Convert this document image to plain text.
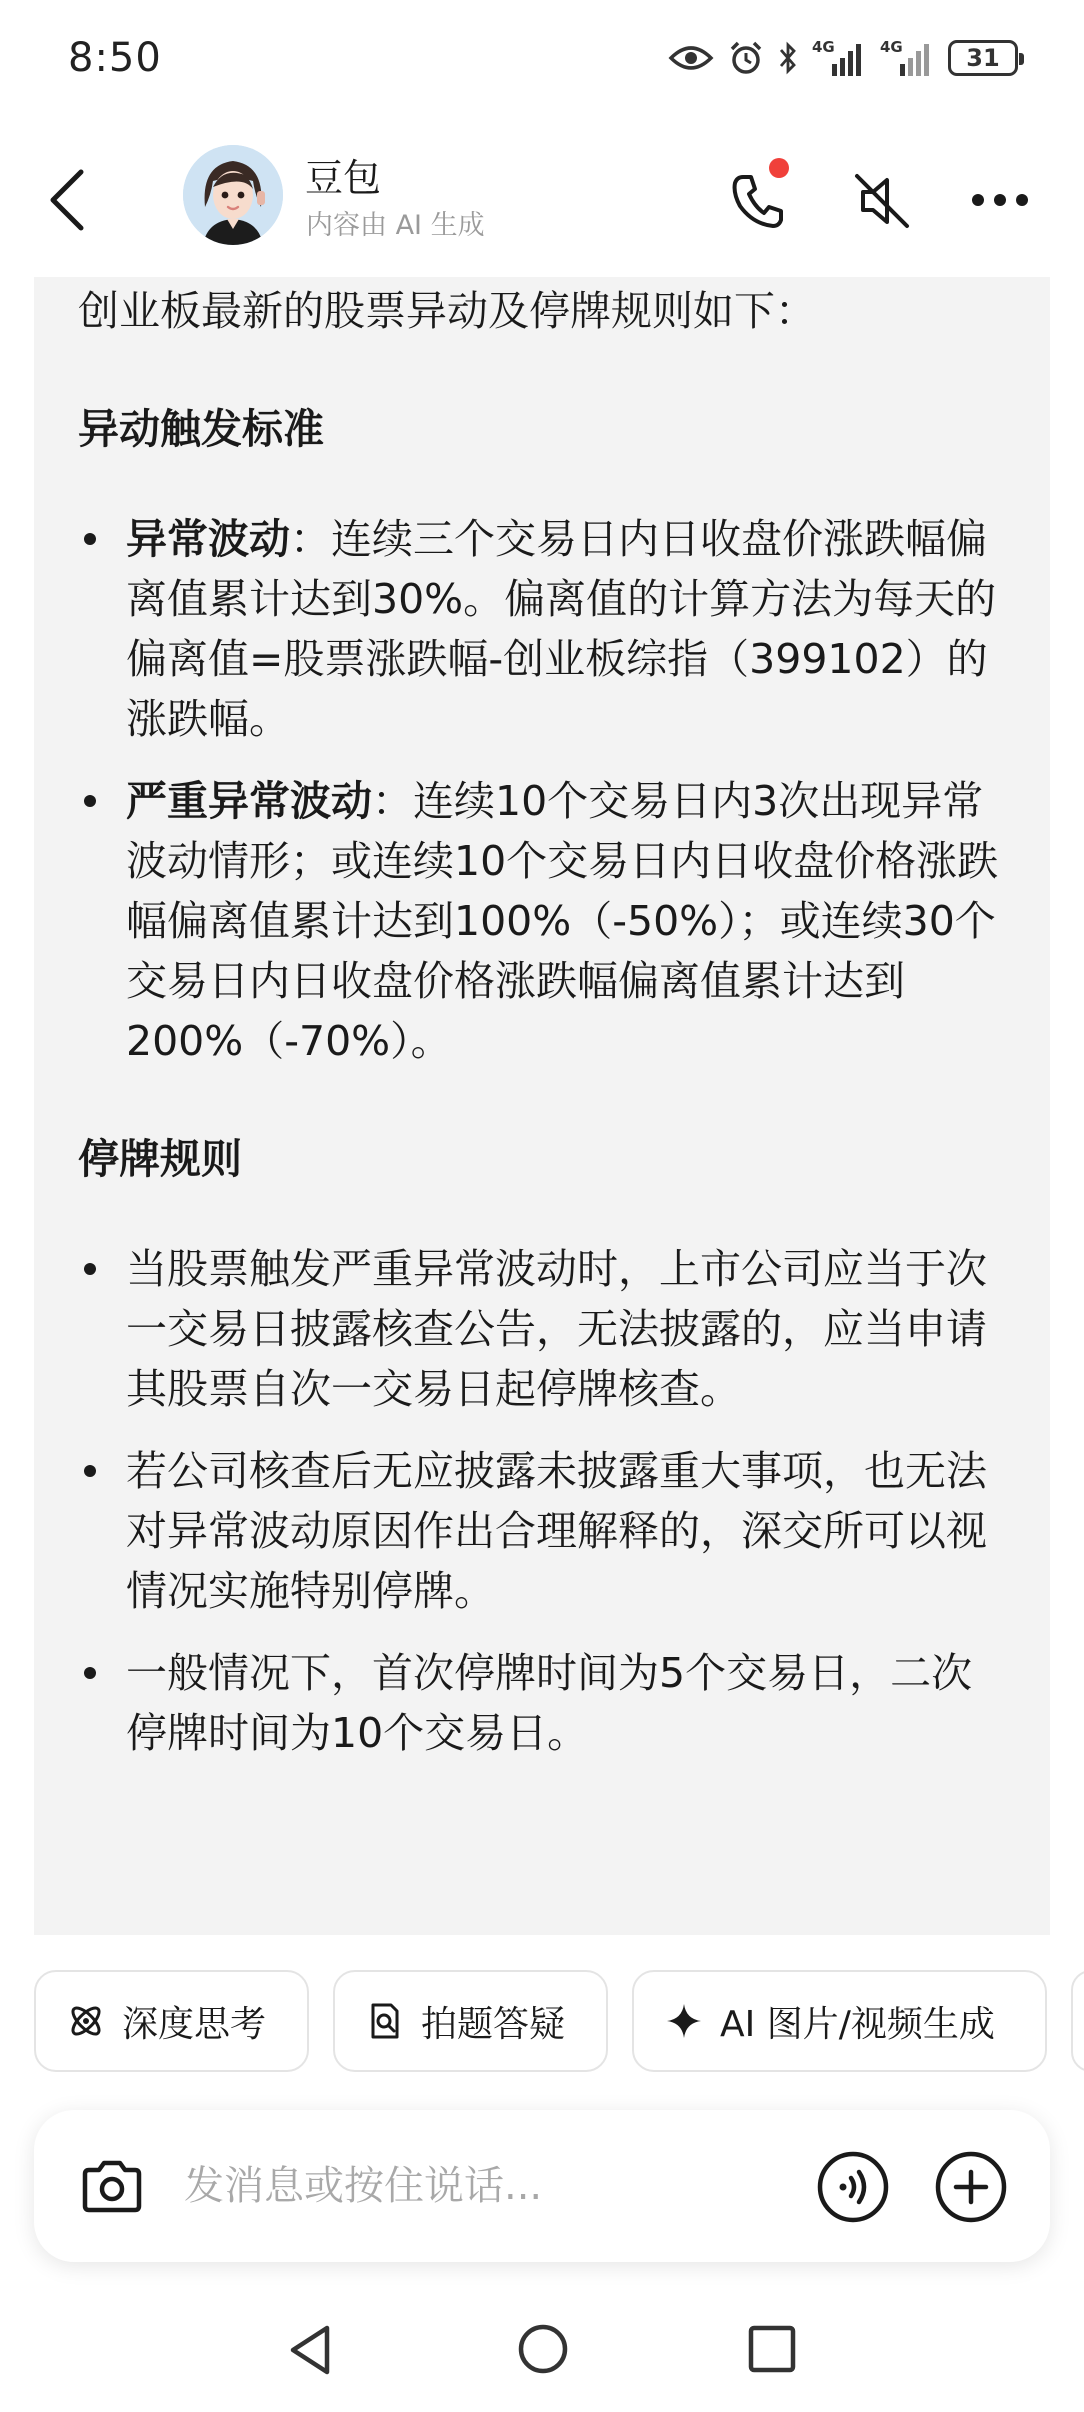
8:50	4G	4G	31
豆包
内容由 AI 生成

创业板最新的股票异动及停牌规则如下：

异动触发标准

异常波动：连续三个交易日内日收盘价涨跌幅偏离值累计达到30%。偏离值的计算方法为每天的偏离值=股票涨跌幅-创业板综指（399102）的涨跌幅。
严重异常波动：连续10个交易日内3次出现异常波动情形；或连续10个交易日内日收盘价格涨跌幅偏离值累计达到100%（-50%）；或连续30个交易日内日收盘价格涨跌幅偏离值累计达到200%（-70%）。

停牌规则

当股票触发严重异常波动时，上市公司应当于次一交易日披露核查公告，无法披露的，应当申请其股票自次一交易日起停牌核查。
若公司核查后无应披露未披露重大事项，也无法对异常波动原因作出合理解释的，深交所可以视情况实施特别停牌。
一般情况下，首次停牌时间为5个交易日，二次停牌时间为10个交易日。
深度思考	拍题答疑	AI 图片/视频生成
发消息或按住说话...
